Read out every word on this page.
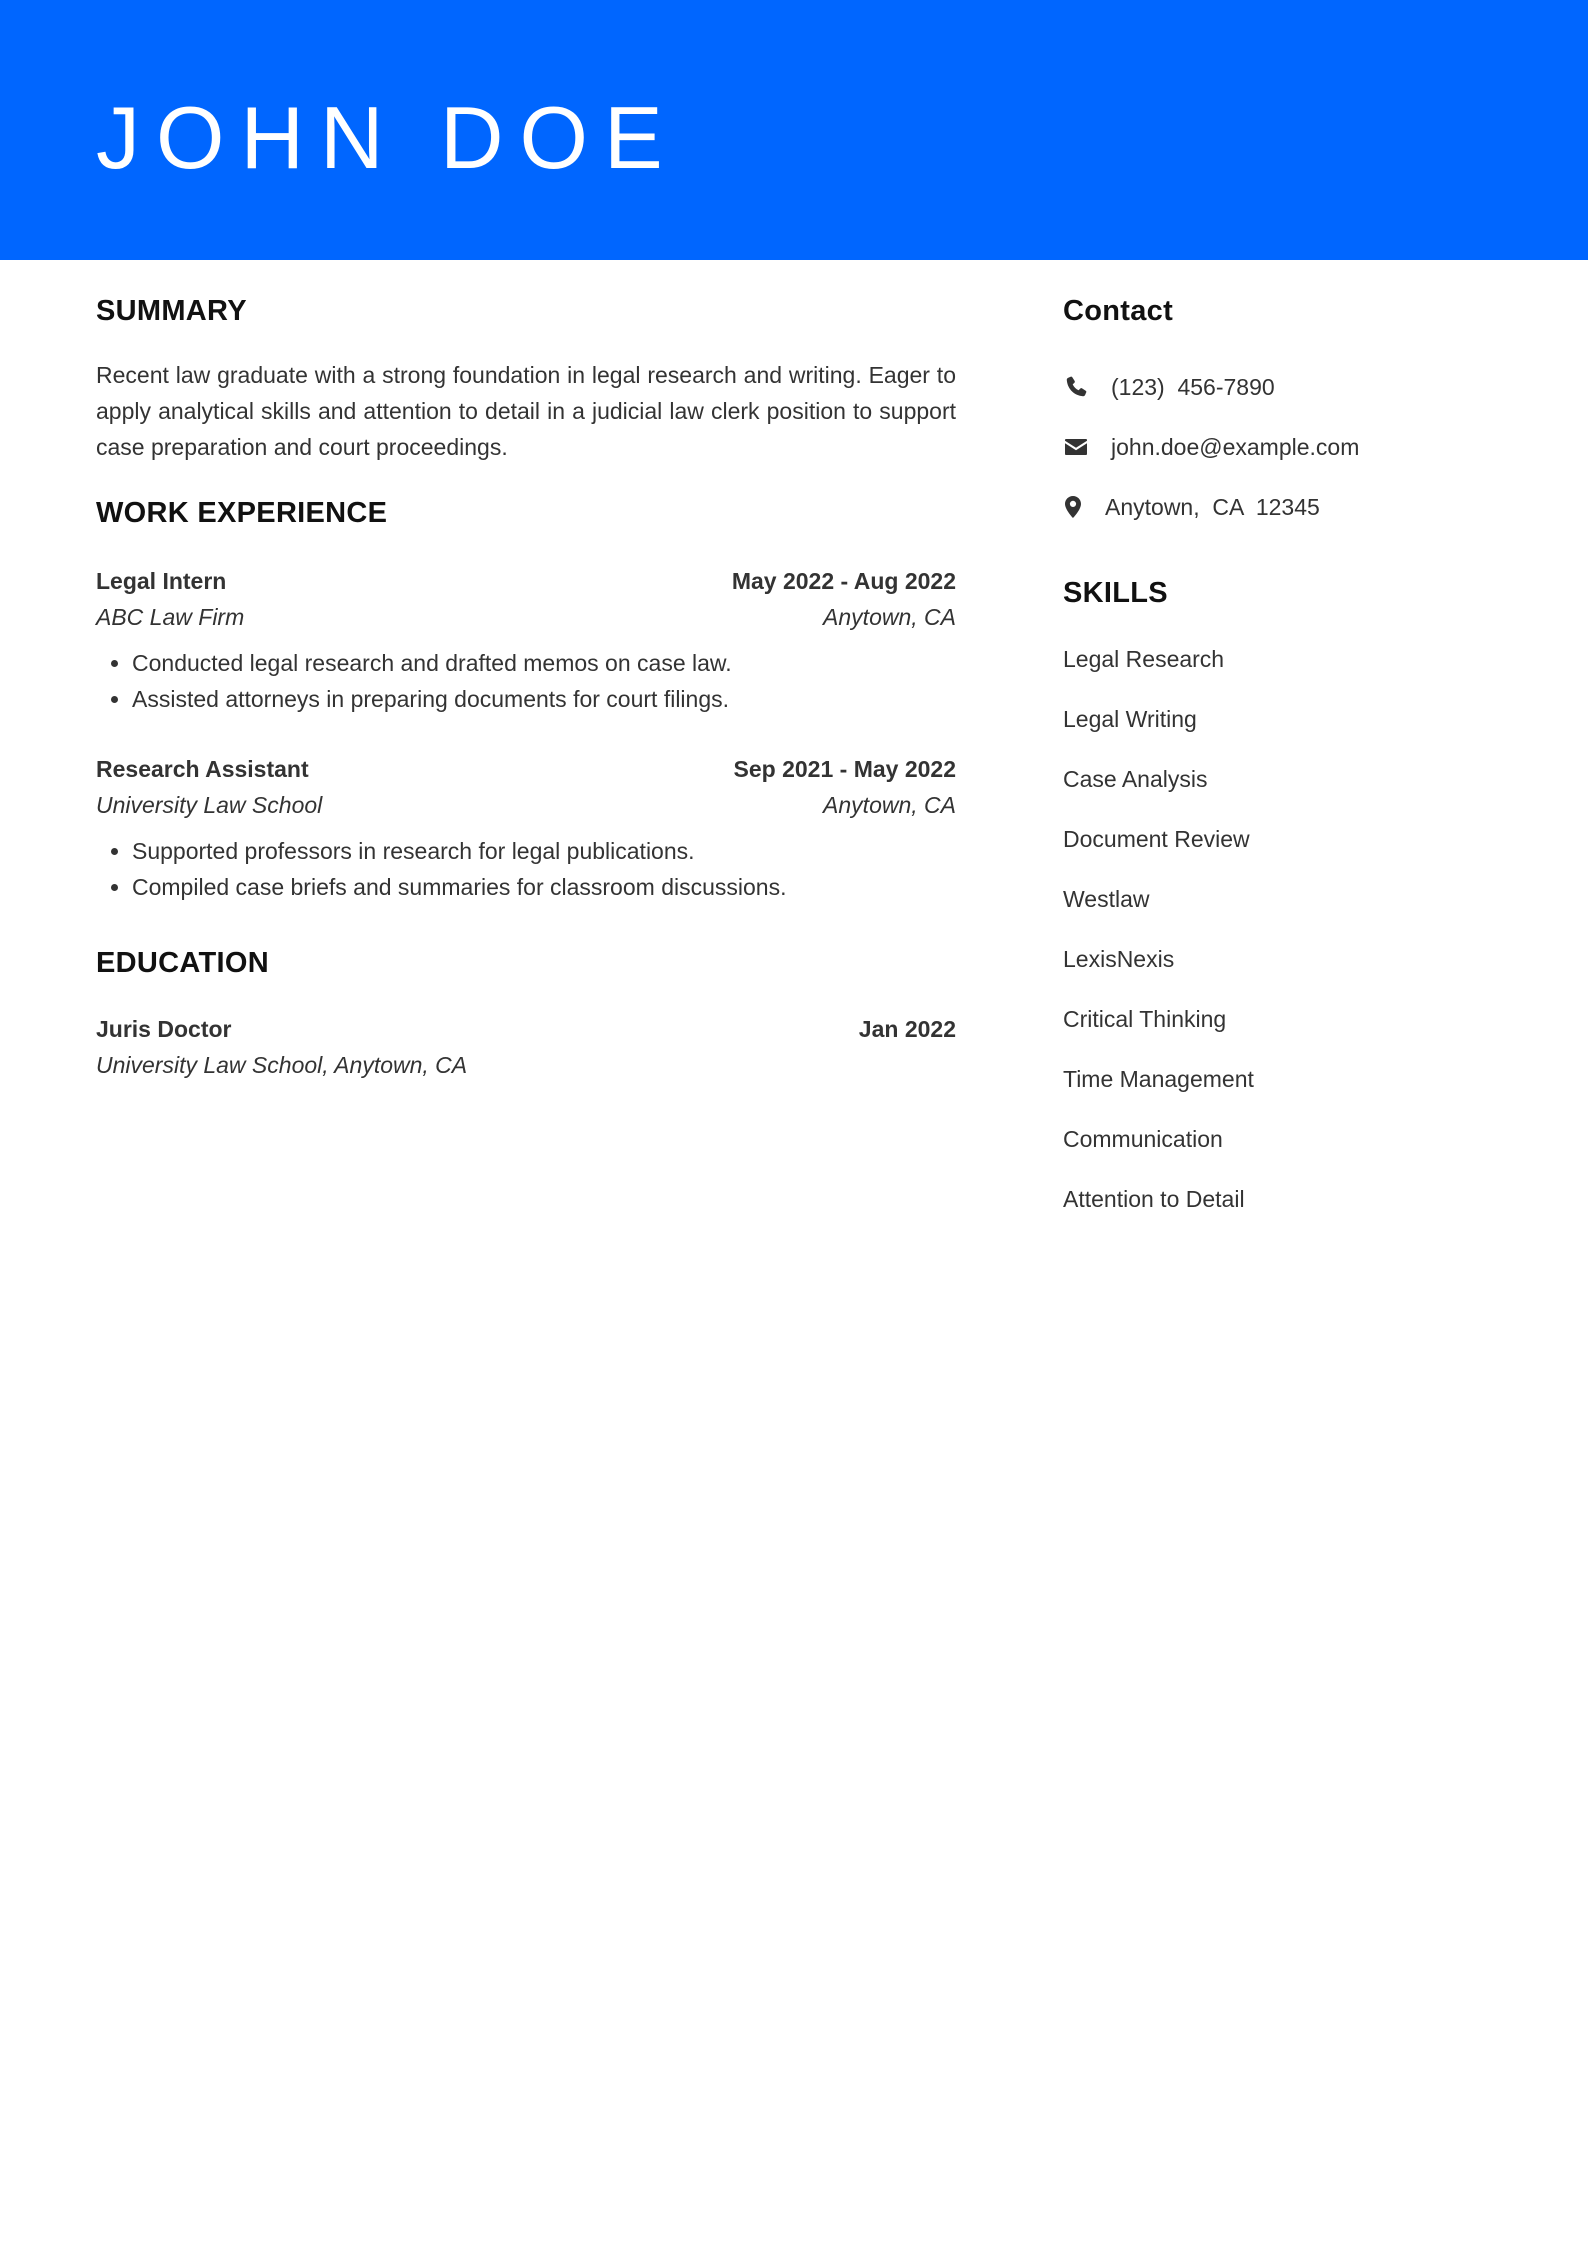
JOHN DOE
SUMMARY

Recent law graduate with a strong foundation in legal research and writing. Eager to apply analytical skills and attention to detail in a judicial law clerk position to support case preparation and court proceedings.

WORK EXPERIENCE
Legal Intern	May 2022 - Aug 2022
ABC Law Firm	Anytown, CA
• Conducted legal research and drafted memos on case law.
• Assisted attorneys in preparing documents for court filings.
Research Assistant	Sep 2021 - May 2022
University Law School	Anytown, CA
• Supported professors in research for legal publications.
• Compiled case briefs and summaries for classroom discussions.
EDUCATION
Juris Doctor	Jan 2022
University Law School, Anytown, CA
Contact
(123)  456-7890
john.doe@example.com
Anytown,  CA  12345
SKILLS
Legal Research
Legal Writing
Case Analysis
Document Review
Westlaw
LexisNexis
Critical Thinking
Time Management
Communication
Attention to Detail
